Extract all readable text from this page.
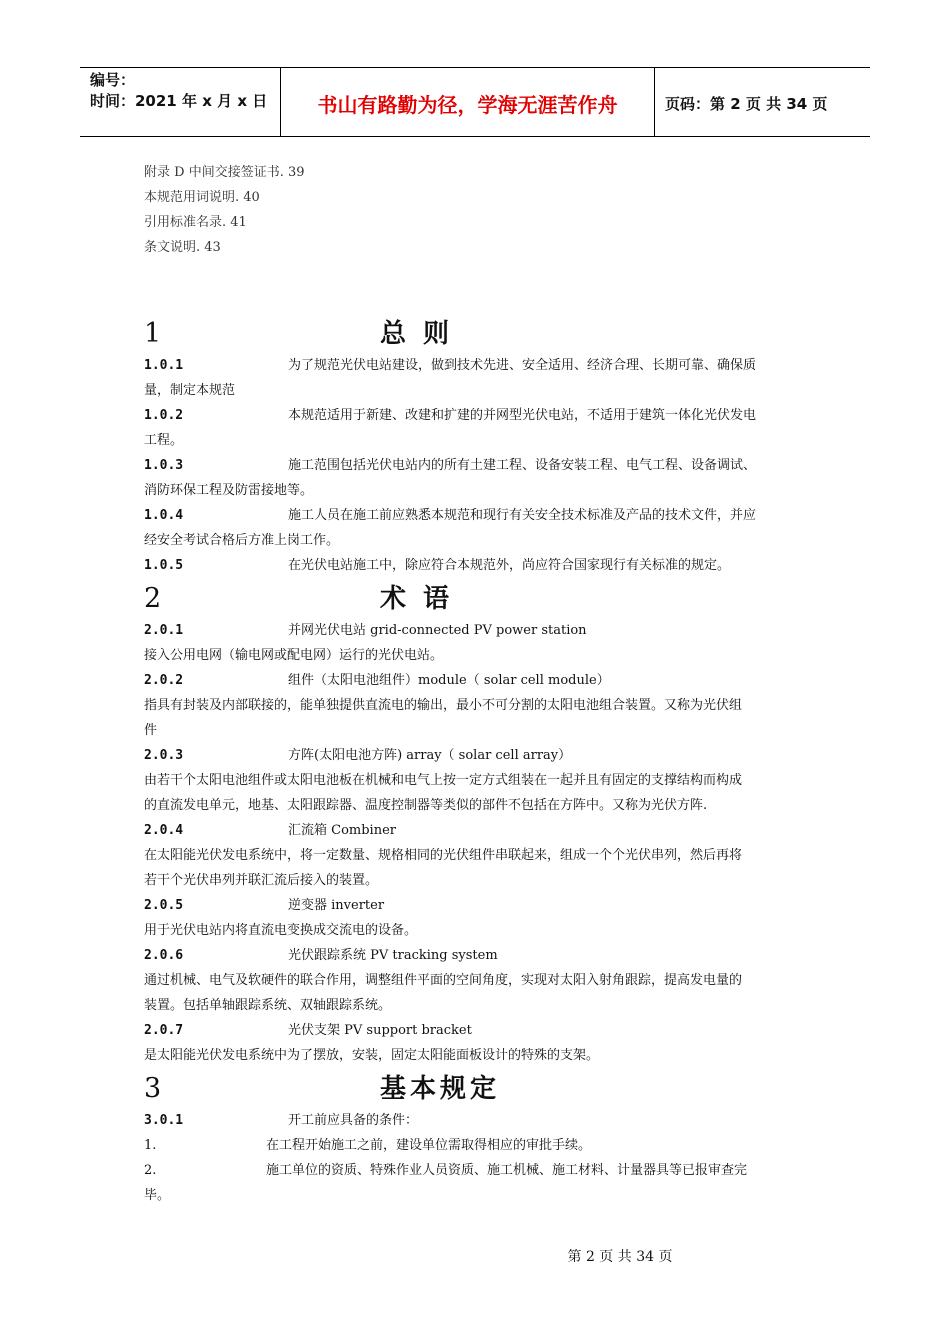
编号：
时间：2021 年 x 月 x 日	书山有路勤为径，学海无涯苦作舟	页码：第 2 页 共 34 页
附录 D 中间交接签证书. 39
本规范用词说明. 40
引用标准名录. 41
条文说明. 43
1	总 则
1.0.1	为了规范光伏电站建设，做到技术先进、安全适用、经济合理、长期可靠、确保质
量，制定本规范
1.0.2	本规范适用于新建、改建和扩建的并网型光伏电站，不适用于建筑一体化光伏发电
工程。
1.0.3	施工范围包括光伏电站内的所有土建工程、设备安装工程、电气工程、设备调试、
消防环保工程及防雷接地等。
1.0.4	施工人员在施工前应熟悉本规范和现行有关安全技术标准及产品的技术文件，并应
经安全考试合格后方准上岗工作。
1.0.5	在光伏电站施工中，除应符合本规范外，尚应符合国家现行有关标准的规定。
2	术 语
2.0.1	并网光伏电站 grid-connected PV power station
接入公用电网（输电网或配电网）运行的光伏电站。
2.0.2	组件（太阳电池组件）module（ solar cell module）
指具有封装及内部联接的，能单独提供直流电的输出，最小不可分割的太阳电池组合装置。又称为光伏组
件
2.0.3	方阵(太阳电池方阵) array（ solar cell array）
由若干个太阳电池组件或太阳电池板在机械和电气上按一定方式组装在一起并且有固定的支撑结构而构成
的直流发电单元，地基、太阳跟踪器、温度控制器等类似的部件不包括在方阵中。又称为光伏方阵.
2.0.4	汇流箱 Combiner
在太阳能光伏发电系统中，将一定数量、规格相同的光伏组件串联起来，组成一个个光伏串列，然后再将
若干个光伏串列并联汇流后接入的装置。
2.0.5	逆变器 inverter
用于光伏电站内将直流电变换成交流电的设备。
2.0.6	光伏跟踪系统 PV tracking system
通过机械、电气及软硬件的联合作用，调整组件平面的空间角度，实现对太阳入射角跟踪，提高发电量的
装置。包括单轴跟踪系统、双轴跟踪系统。
2.0.7	光伏支架 PV support bracket
是太阳能光伏发电系统中为了摆放，安装，固定太阳能面板设计的特殊的支架。
3	基本规定
3.0.1	开工前应具备的条件：
1.	在工程开始施工之前，建设单位需取得相应的审批手续。
2.	施工单位的资质、特殊作业人员资质、施工机械、施工材料、计量器具等已报审查完
毕。
第 2 页 共 34 页
